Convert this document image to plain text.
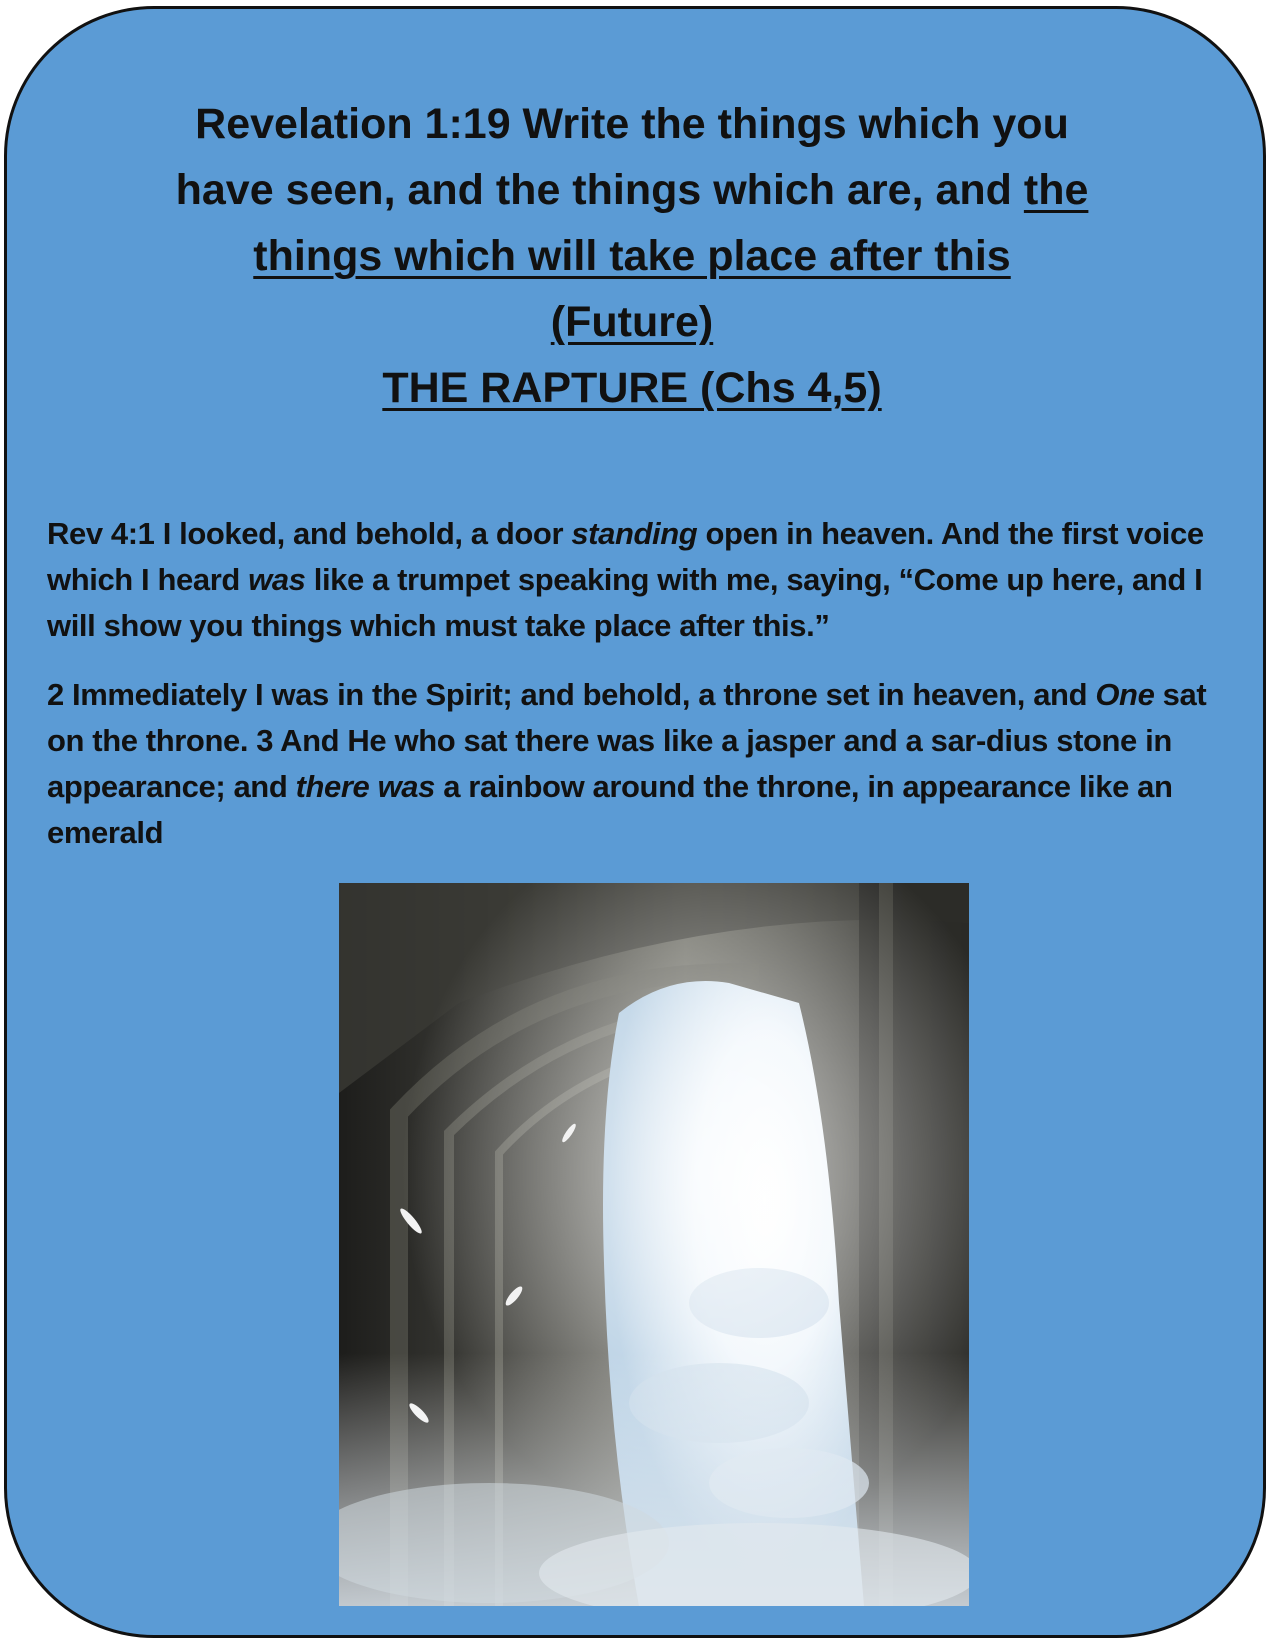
Revelation 1:19 Write the things which you
have seen, and the things which are, and the
things which will take place after this
(Future)
THE RAPTURE (Chs 4,5)

Rev 4:1 I looked, and behold, a door standing open in heaven. And the first voice which I heard was like a trumpet speaking with me, saying, “Come up here, and I will show you things which must take place after this.”

2 Immediately I was in the Spirit; and behold, a throne set in heaven, and One sat on the throne. 3 And He who sat there was like a jasper and a sar-dius stone in appearance; and there was a rainbow around the throne, in appearance like an emerald
